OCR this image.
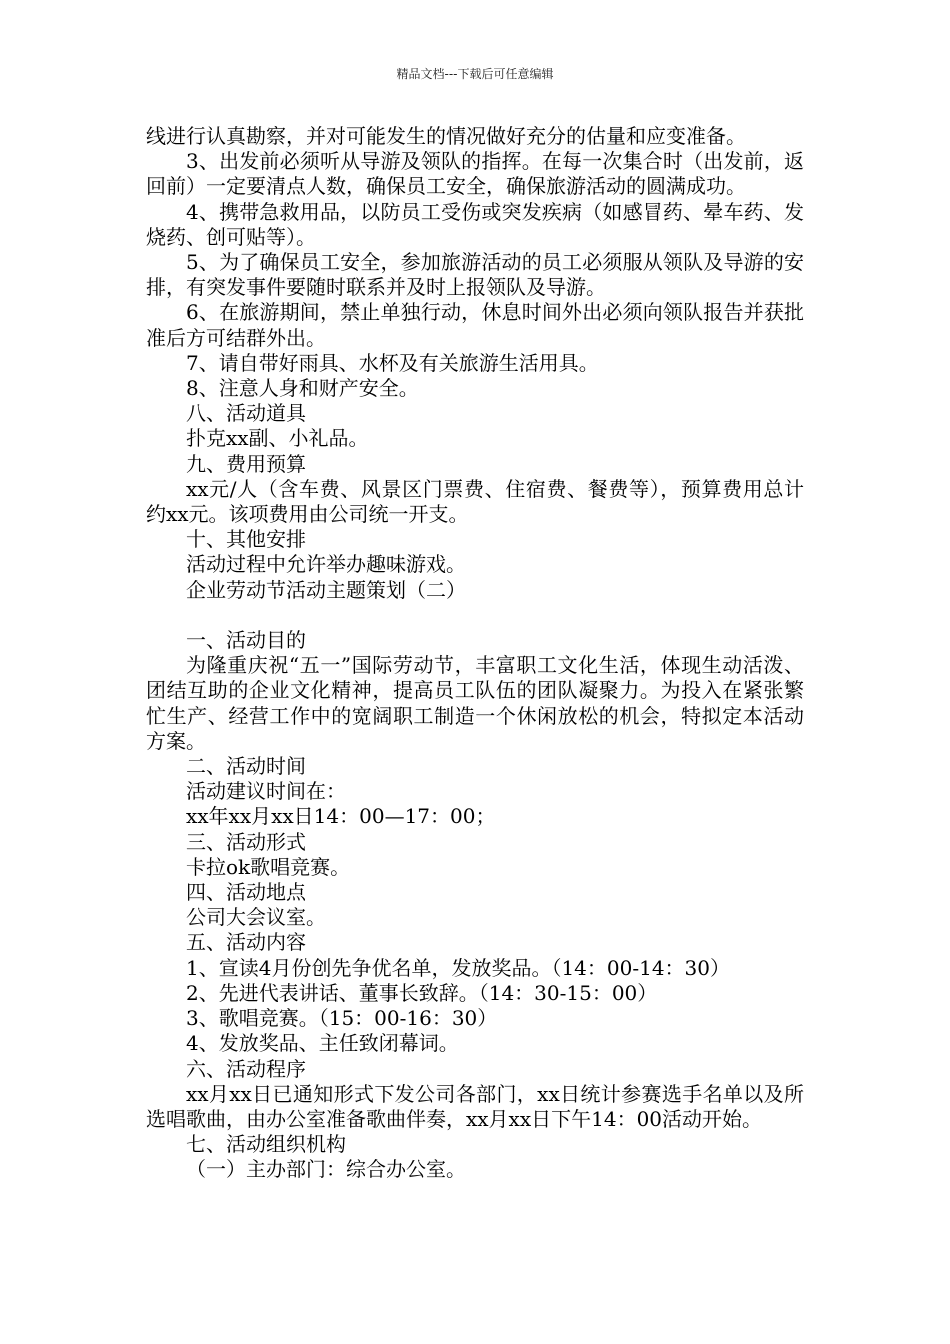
精品文档---下载后可任意编辑

线进行认真勘察，并对可能发生的情况做好充分的估量和应变准备。

3、出发前必须听从导游及领队的指挥。在每一次集合时（出发前，返回前）一定要清点人数，确保员工安全，确保旅游活动的圆满成功。

4、携带急救用品，以防员工受伤或突发疾病（如感冒药、晕车药、发烧药、创可贴等）。

5、为了确保员工安全，参加旅游活动的员工必须服从领队及导游的安排，有突发事件要随时联系并及时上报领队及导游。

6、在旅游期间，禁止单独行动，休息时间外出必须向领队报告并获批准后方可结群外出。

7、请自带好雨具、水杯及有关旅游生活用具。

8、注意人身和财产安全。

八、活动道具

扑克xx副、小礼品。

九、费用预算

xx元/人（含车费、风景区门票费、住宿费、餐费等），预算费用总计约xx元。该项费用由公司统一开支。

十、其他安排

活动过程中允许举办趣味游戏。

企业劳动节活动主题策划（二）

一、活动目的

为隆重庆祝“五一”国际劳动节，丰富职工文化生活，体现生动活泼、团结互助的企业文化精神，提高员工队伍的团队凝聚力。为投入在紧张繁忙生产、经营工作中的宽阔职工制造一个休闲放松的机会，特拟定本活动方案。

二、活动时间

活动建议时间在：

xx年xx月xx日14：00—17：00；

三、活动形式

卡拉ok歌唱竞赛。

四、活动地点

公司大会议室。

五、活动内容

1、宣读4月份创先争优名单，发放奖品。（14：00-14：30）

2、先进代表讲话、董事长致辞。（14：30-15：00）

3、歌唱竞赛。（15：00-16：30）

4、发放奖品、主任致闭幕词。

六、活动程序

xx月xx日已通知形式下发公司各部门，xx日统计参赛选手名单以及所选唱歌曲，由办公室准备歌曲伴奏，xx月xx日下午14：00活动开始。

七、活动组织机构

（一）主办部门：综合办公室。
